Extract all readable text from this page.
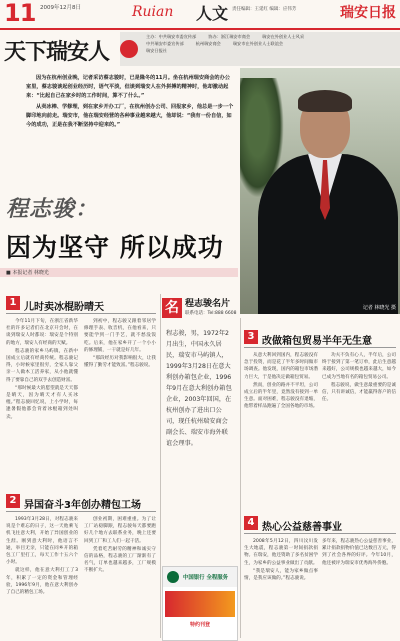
11 2009年12月8日	Ruian 人文 责任编辑：王延红 编辑：应伟芳	瑞安日报
天下瑞安人
主办：中共瑞安市委宣传部	协办：浙江瑞安市商会	瑞安在外创业人士风采
中共瑞安市委宣传部	杭州瑞安商会	瑞安市在外创业人士联谊会
瑞安日报社

因为在杭州创业晚，记者采访蔡志骏时，已是隆冬的11月。坐在杭州瑞安商会的办公室里，蔡志骏谈起创业经历时，语气平淡，但谈到瑞安人在外拼搏的精神时，他却激动起来：“比起自己在家乡时的工作时间，算不了什么。”

从卖冰棒、学修理，到在家乡开办工厂，在杭州创办公司、回报家乡，他总是一步一个脚印地向前走。瑞安市，他在瑞安经营的各种事业越来越大，他却说：“我有一份自信，如今的成功，正是在我不断坚持中迎来的。”

程志骏：
因为坚守 所以成功
■ 本报记者 林晓光
记者 林晓光 摄
1 儿时卖冰棍盼晴天

今年11月下旬，在浙江省新华社的许多记者们在北京开会时，在谈到瑞安人时都说：瑞安是个特别的地方，瑞安人有经商的天赋。

程志骏的家乡马屿镇，在新中国成立后就有经商传统。程志骏记得，小时候家里很穷，全家人靠父亲一人做木工活养家，从小他就懂得了要靠自己的双手去创造财富。

“那时候最大的愿望就是天天都是晴天，因为晴天才有人买冰棍。”程志骏回忆说，上小学时，每逢暑假他都会背着冰棍箱到处叫卖。

到初中，程志骏又跟着邻居学修理手表、收音机，在他看来，只要能学到一门手艺，就不愁没饭吃。后来，他在家乡开了一个小小的修理铺，一干就是好几年。

“那段经历对我影响很大，让我懂得了勤劳才能致富。”程志骏说。

2 异国奋斗3年创办精包工场

1993年3月28日，对程志骏来说是个难忘的日子，这一天他乘飞机飞往意大利，开始了异国创业的生涯。刚到意大利时，他语言不通，举目无亲，只能在同乡开的箱包工厂里打工，每天工作十五六个小时。

就这样，他在意大利打工了3年，积累了一定的资金和管理经验，1996年9月，他在意大利创办了自己的精包工场。

创业初期，困难重重。为了让工厂站稳脚跟，程志骏每天都要跑好几个地方去联系业务，晚上还要回到工厂和工人们一起干活。

凭着吃苦耐劳的精神和诚实守信的品格，程志骏的工厂渐渐有了名气，订单也越来越多，工厂规模不断扩大。

名 程志骏名片
联系电话：Tel:888 6608
程志骏，男，1972年2月出生，中国永久居民，瑞安市马屿镇人，1999年3月28日在意大利创办箱包企业，1996年9月在意大利创办箱包企业，2003年回国，在杭州创办了进出口公司，现任杭州瑞安商会副会长、瑞安市海外联谊会理事。
3 改做箱包贸易半年无生意

从意大利回到国内，程志骏没有急于投资，而是花了半年多时间做市场调查。他发现，国内的箱包市场潜力巨大，于是他决定做箱包贸易。

然而，创业的路并不平坦，公司成立后的半年里，竟然没有接到一单生意。面对困难，程志骏没有退缩，他带着样品跑遍了全国各地的市场。

功夫不负有心人，半年后，公司终于接到了第一笔订单，此后生意越来越好，公司规模也越来越大，如今已成为当地有名的箱包贸易公司。

程志骏说，做生意最重要的是诚信，只有讲诚信，才能赢得客户的信任。

4 热心公益慈善事业

2008年5月12日，四川汶川发生大地震，程志骏第一时间捐款捐物。在瑞安，他还资助了多名贫困学生，为家乡的公益事业做出了贡献。

“我是瑞安人，能为家乡做点事情，是我应该做的。”程志骏说。

多年来，程志骏热心公益慈善事业，累计捐款捐物价值已达数百万元，得到了社会各界的好评。今年10月，他还被评为瑞安市优秀海外侨胞。
中国银行 全程服务
特约刊登
